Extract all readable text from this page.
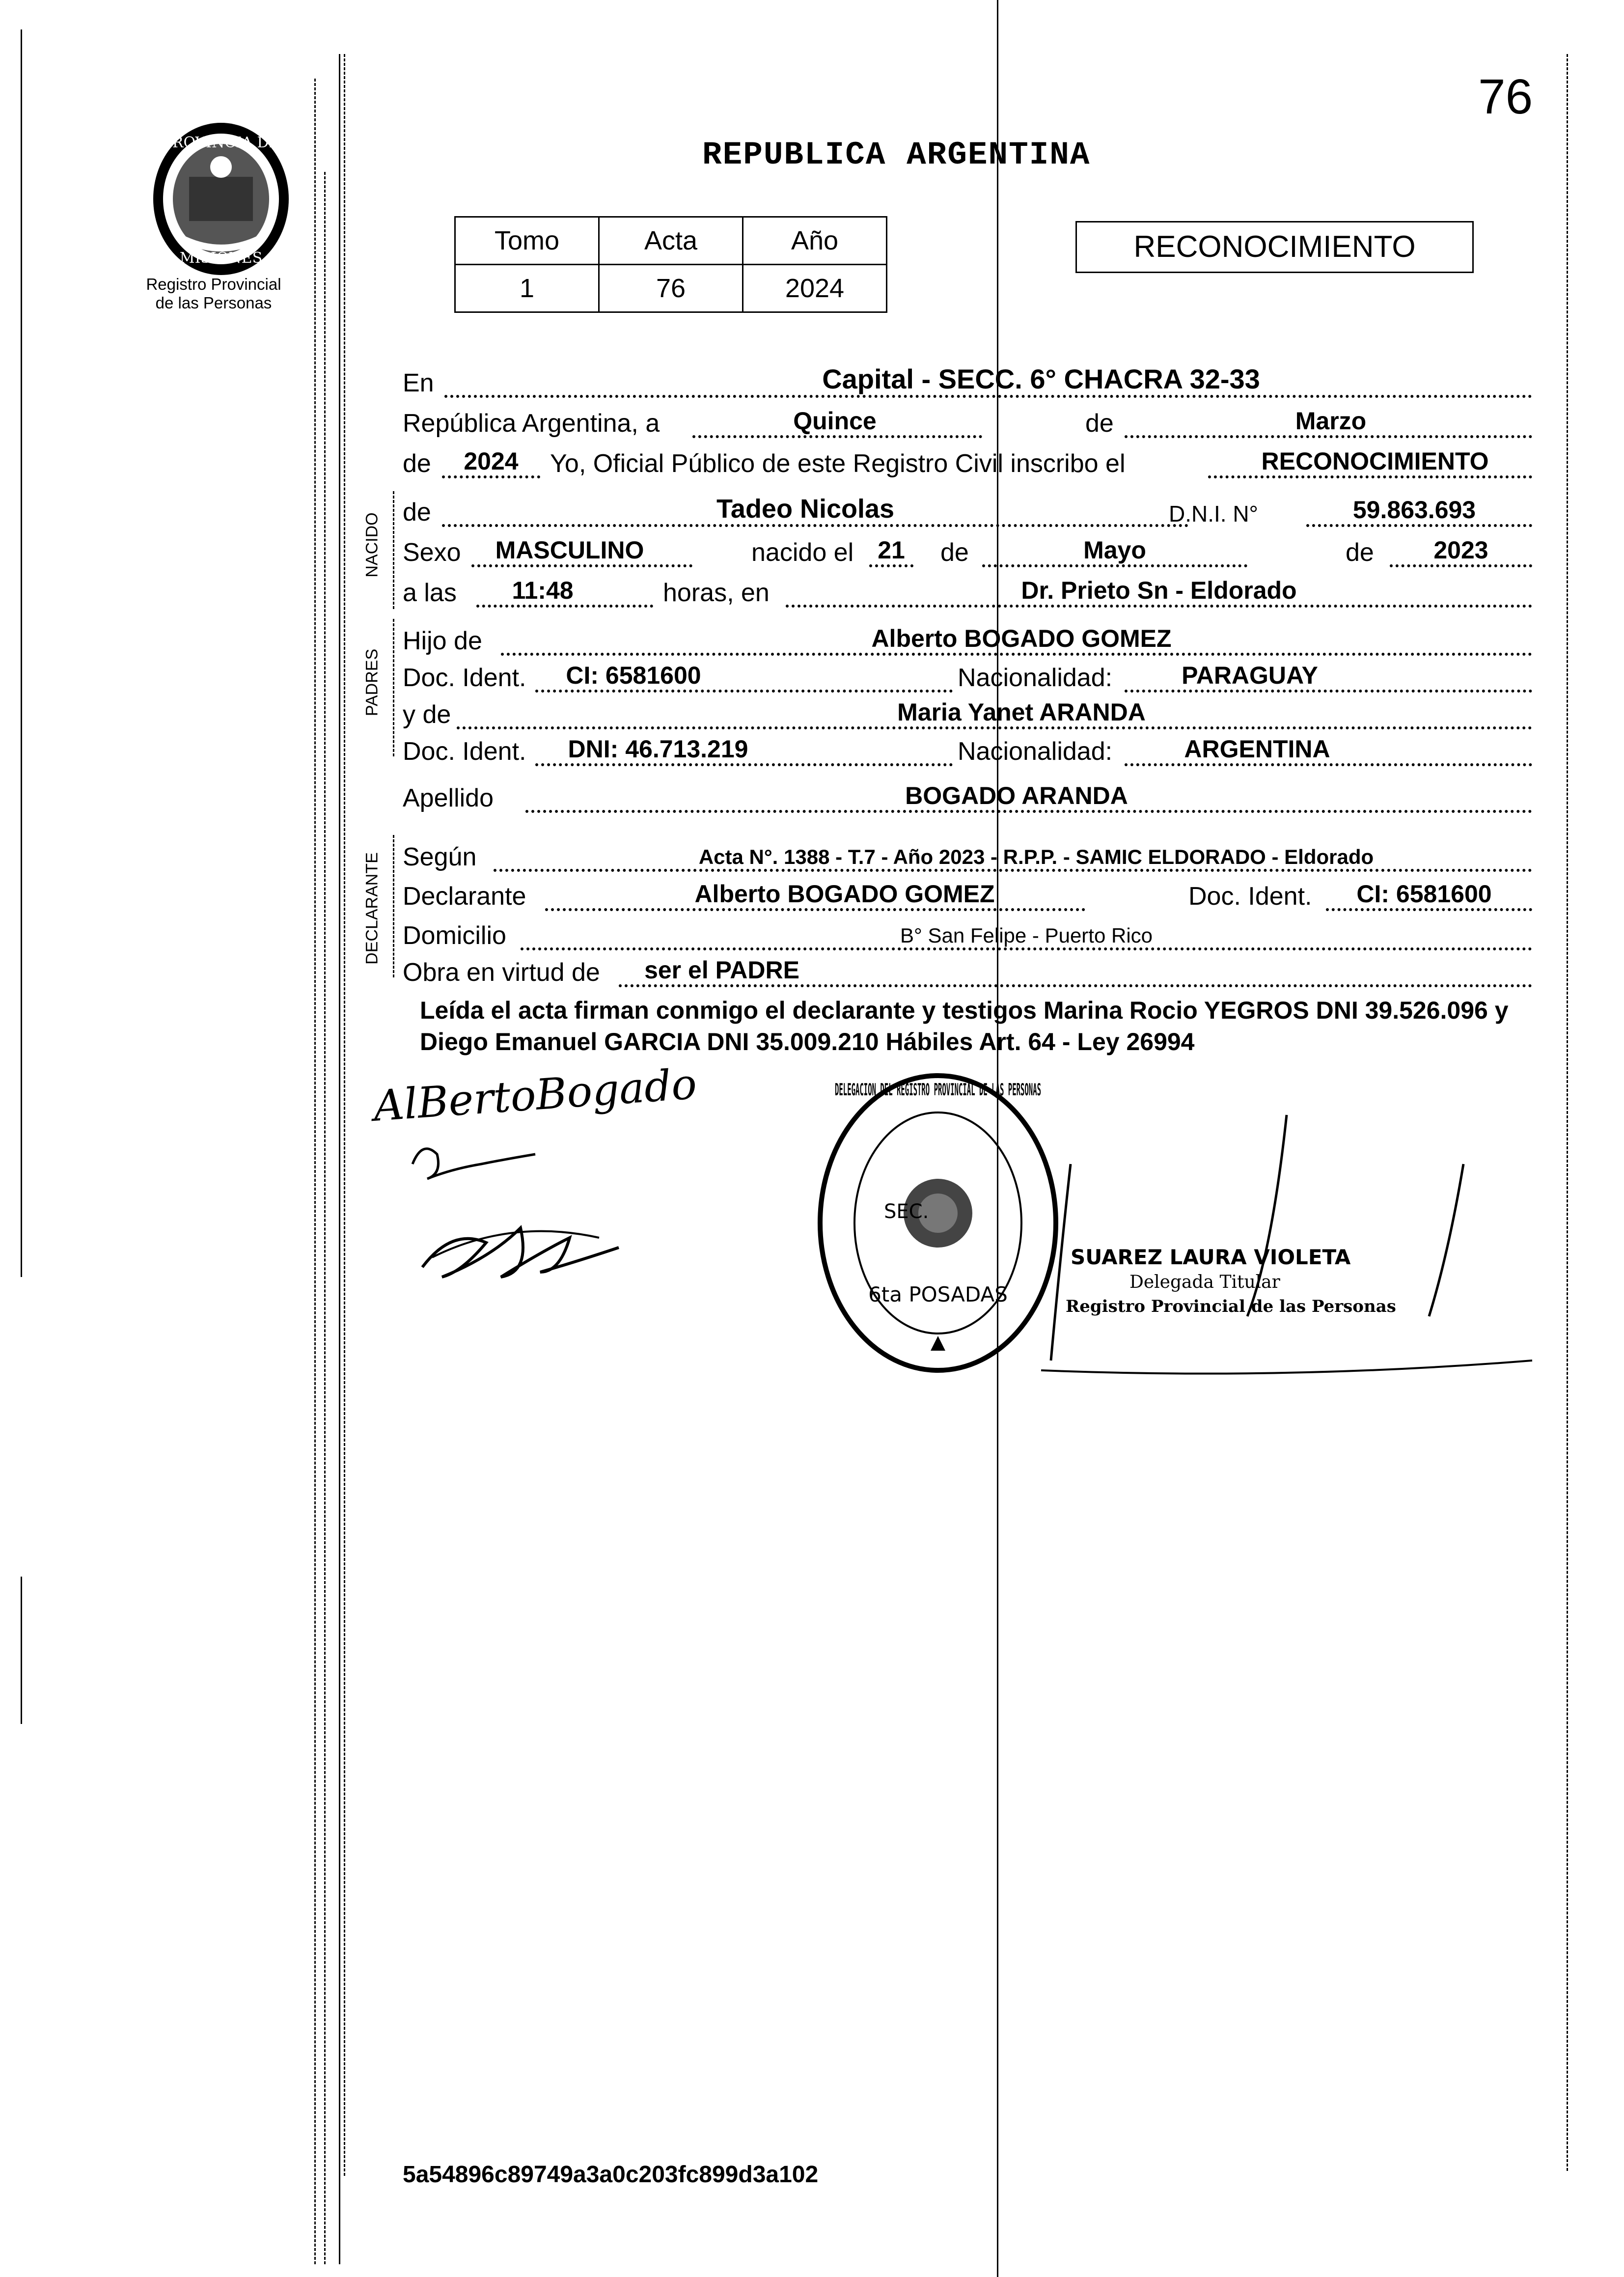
76
PROVINCIA DE
MISIONES
Registro Provincial
de las Personas
REPUBLICA ARGENTINA
Tomo	Acta	Año
1	76	2024
RECONOCIMIENTO
En	Capital - SECC. 6° CHACRA 32-33
República Argentina, a	Quince	de	Marzo
de	2024	Yo, Oficial Público de este Registro Civil inscribo el	RECONOCIMIENTO
NACIDO
de	Tadeo Nicolas	D.N.I. N°	59.863.693
Sexo	MASCULINO	nacido el 21	de	Mayo	de	2023
a las	11:48	horas, en	Dr. Prieto Sn - Eldorado
PADRES
Hijo de	Alberto BOGADO GOMEZ
Doc. Ident.	CI: 6581600	Nacionalidad:	PARAGUAY
y de	Maria Yanet ARANDA
Doc. Ident.	DNI: 46.713.219	Nacionalidad:	ARGENTINA
Apellido	BOGADO ARANDA
DECLARANTE Según	Acta N°. 1388 - T.7 - Año 2023 - R.P.P. - SAMIC ELDORADO - Eldorado
Declarante	Alberto BOGADO GOMEZ	Doc. Ident.	CI: 6581600
Domicilio	B° San Felipe - Puerto Rico
Obra en virtud de	ser el PADRE
Leída el acta firman conmigo el declarante y testigos Marina Rocio YEGROS DNI 39.526.096 y Diego Emanuel GARCIA DNI 35.009.210 Hábiles Art. 64 - Ley 26994
AlBertoBogado	DELEGACION DEL REGISTRO PROVINCIAL DE LAS PERSONAS
SEC.
6ta POSADAS
SUAREZ LAURA VIOLETA
Delegada Titular
Registro Provincial de las Personas
5a54896c89749a3a0c203fc899d3a102
